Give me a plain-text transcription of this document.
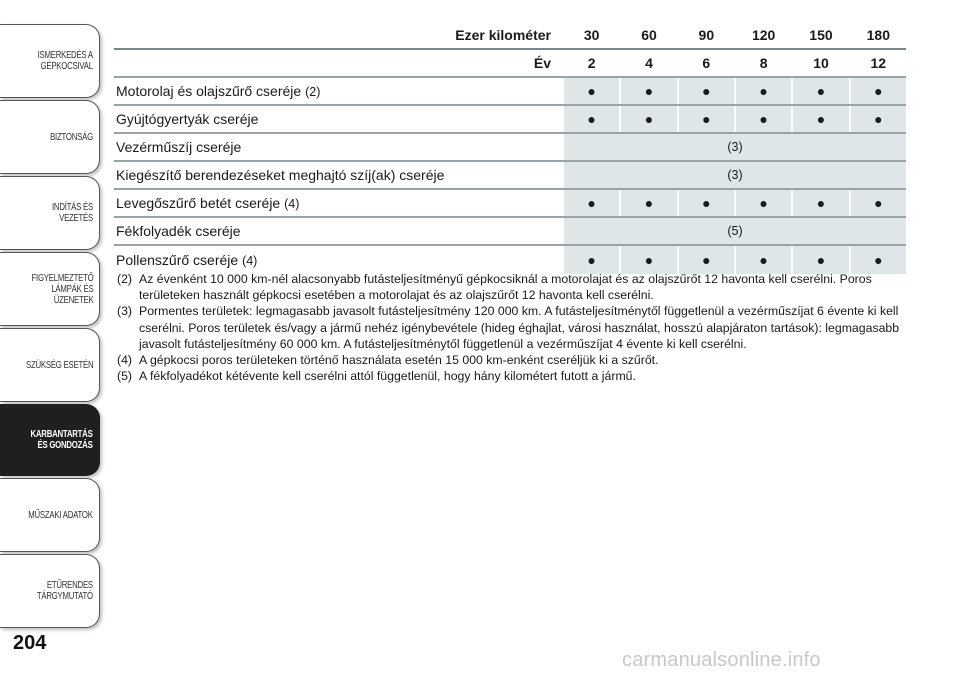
ISMERKEDÉS A
GÉPKOCSIVAL
BIZTONSÁG
INDÍTÁS ÉS VEZETÉS
FIGYELMEZTETŐ
LÁMPÁK ÉS
ÜZENETEK
SZÜKSÉG ESETÉN
KARBANTARTÁS
ÉS GONDOZÁS
MŰSZAKI ADATOK
ETŰRENDES
TÁRGYMUTATÓ
204
Ezer kilométer	30	60	90	120	150	180
Év	2	4	6	8	10	12
Motorolaj és olajszűrő cseréje (2)	●	●	●	●	●	●
Gyújtógyertyák cseréje	●	●	●	●	●	●
Vezérműszíj cseréje	(3)
Kiegészítő berendezéseket meghajtó szíj(ak) cseréje	(3)
Levegőszűrő betét cseréje (4)	●	●	●	●	●	●
Fékfolyadék cseréje	(5)
Pollenszűrő cseréje (4)	●	●	●	●	●	●
(2) Az évenként 10 000 km-nél alacsonyabb futásteljesítményű gépkocsiknál a motorolajat és az olajszűrőt 12 havonta kell cserélni. Poros területeken használt gépkocsi esetében a motorolajat és az olajszűrőt 12 havonta kell cserélni.
(3) Pormentes területek: legmagasabb javasolt futásteljesítmény 120 000 km. A futásteljesítménytől függetlenül a vezérműszíjat 6 évente ki kell cserélni. Poros területek és/vagy a jármű nehéz igénybevétele (hideg éghajlat, városi használat, hosszú alapjáraton tartások): legmagasabb javasolt futásteljesítmény 60 000 km. A futásteljesítménytől függetlenül a vezérműszíjat 4 évente ki kell cserélni.
(4) A gépkocsi poros területeken történő használata esetén 15 000 km-enként cseréljük ki a szűrőt.
(5) A fékfolyadékot kétévente kell cserélni attól függetlenül, hogy hány kilométert futott a jármű.
carmanualsonline.info
